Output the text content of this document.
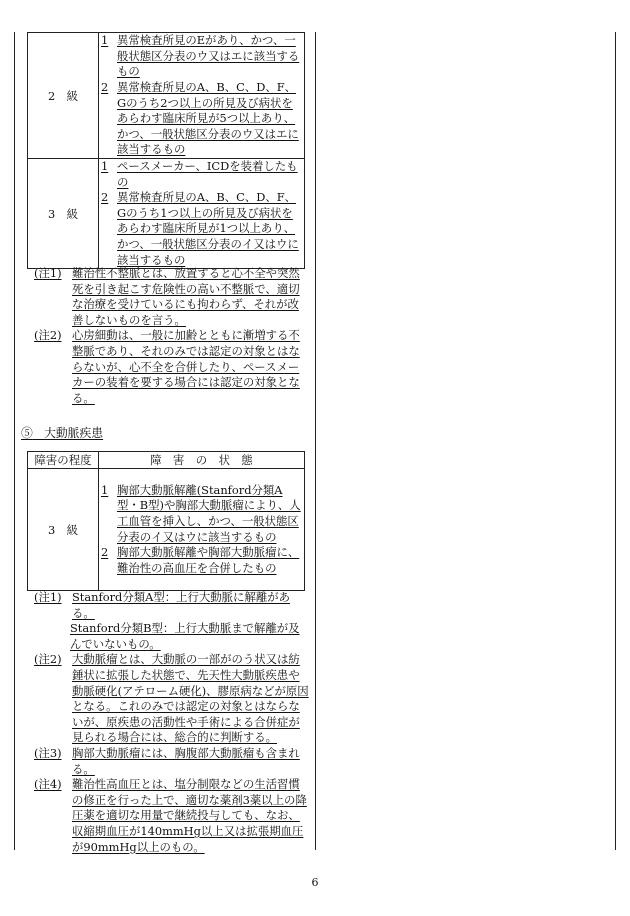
2　級	1 異常検査所見のEがあり、かつ、一般状態区分表のウ又はエに該当するもの
2 異常検査所見のA、B、C、D、F、Gのうち2つ以上の所見及び病状をあらわす臨床所見が5つ以上あり、かつ、一般状態区分表のウ又はエに該当するもの

3　級	1 ペースメーカー、ICDを装着したもの
2 異常検査所見のA、B、C、D、F、Gのうち1つ以上の所見及び病状をあらわす臨床所見が1つ以上あり、かつ、一般状態区分表のイ又はウに該当するもの
(注1) 難治性不整脈とは、放置すると心不全や突然死を引き起こす危険性の高い不整脈で、適切な治療を受けているにも拘わらず、それが改善しないものを言う。
(注2) 心房細動は、一般に加齢とともに漸増する不整脈であり、それのみでは認定の対象とはならないが、心不全を合併したり、ペースメーカーの装着を要する場合には認定の対象となる。
⑤ 大動脈疾患
障害の程度	障　害　の　状　態
3　級	1 胸部大動脈解離(Stanford分類A型・B型)や胸部大動脈瘤により、人工血管を挿入し、かつ、一般状態区分表のイ又はウに該当するもの
2 胸部大動脈解離や胸部大動脈瘤に、難治性の高血圧を合併したもの
(注1) Stanford分類A型：上行大動脈に解離がある。
Stanford分類B型：上行大動脈まで解離が及んでいないもの。
(注2) 大動脈瘤とは、大動脈の一部がのう状又は紡錘状に拡張した状態で、先天性大動脈疾患や動脈硬化(アテローム硬化)、膠原病などが原因となる。これのみでは認定の対象とはならないが、原疾患の活動性や手術による合併症が見られる場合には、総合的に判断する。
(注3) 胸部大動脈瘤には、胸腹部大動脈瘤も含まれる。
(注4) 難治性高血圧とは、塩分制限などの生活習慣の修正を行った上で、適切な薬剤3薬以上の降圧薬を適切な用量で継続投与しても、なお、収縮期血圧が140mmHg以上又は拡張期血圧が90mmHg以上のもの。
6
